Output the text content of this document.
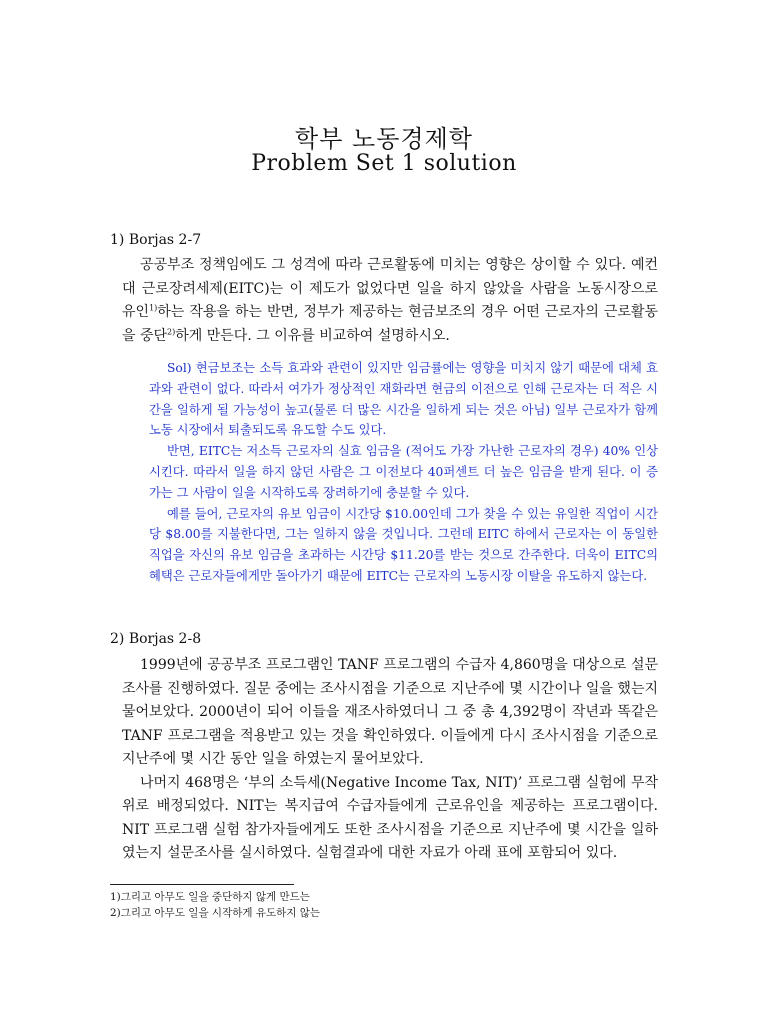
학부 노동경제학
Problem Set 1 solution
1) Borjas 2-7
공공부조 정책임에도 그 성격에 따라 근로활동에 미치는 영향은 상이할 수 있다. 예컨대 근로장려세제(EITC)는 이 제도가 없었다면 일을 하지 않았을 사람을 노동시장으로 유인$^{1)}$하는 작용을 하는 반면, 정부가 제공하는 현금보조의 경우 어떤 근로자의 근로활동을 중단$^{2)}$하게 만든다. 그 이유를 비교하여 설명하시오.

Sol) 현금보조는 소득 효과와 관련이 있지만 임금률에는 영향을 미치지 않기 때문에 대체 효과와 관련이 없다. 따라서 여가가 정상적인 재화라면 현금의 이전으로 인해 근로자는 더 적은 시간을 일하게 될 가능성이 높고(물론 더 많은 시간을 일하게 되는 것은 아님) 일부 근로자가 함께 노동 시장에서 퇴출되도록 유도할 수도 있다.

반면, EITC는 저소득 근로자의 실효 임금을 (적어도 가장 가난한 근로자의 경우) 40% 인상시킨다. 따라서 일을 하지 않던 사람은 그 이전보다 40퍼센트 더 높은 임금을 받게 된다. 이 증가는 그 사람이 일을 시작하도록 장려하기에 충분할 수 있다.

예를 들어, 근로자의 유보 임금이 시간당 $10.00인데 그가 찾을 수 있는 유일한 직업이 시간당 $8.00를 지불한다면, 그는 일하지 않을 것입니다. 그런데 EITC 하에서 근로자는 이 동일한 직업을 자신의 유보 임금을 초과하는 시간당 $11.20를 받는 것으로 간주한다. 더욱이 EITC의 혜택은 근로자들에게만 돌아가기 때문에 EITC는 근로자의 노동시장 이탈을 유도하지 않는다.

2) Borjas 2-8

1999년에 공공부조 프로그램인 TANF 프로그램의 수급자 4,860명을 대상으로 설문조사를 진행하였다. 질문 중에는 조사시점을 기준으로 지난주에 몇 시간이나 일을 했는지 물어보았다. 2000년이 되어 이들을 재조사하였더니 그 중 총 4,392명이 작년과 똑같은 TANF 프로그램을 적용받고 있는 것을 확인하였다. 이들에게 다시 조사시점을 기준으로 지난주에 몇 시간 동안 일을 하였는지 물어보았다.

나머지 468명은 ‘부의 소득세(Negative Income Tax, NIT)’ 프로그램 실험에 무작위로 배정되었다. NIT는 복지급여 수급자들에게 근로유인을 제공하는 프로그램이다. NIT 프로그램 실험 참가자들에게도 또한 조사시점을 기준으로 지난주에 몇 시간을 일하였는지 설문조사를 실시하였다. 실험결과에 대한 자료가 아래 표에 포함되어 있다.

1)그리고 아무도 일을 중단하지 않게 만드는
2)그리고 아무도 일을 시작하게 유도하지 않는
